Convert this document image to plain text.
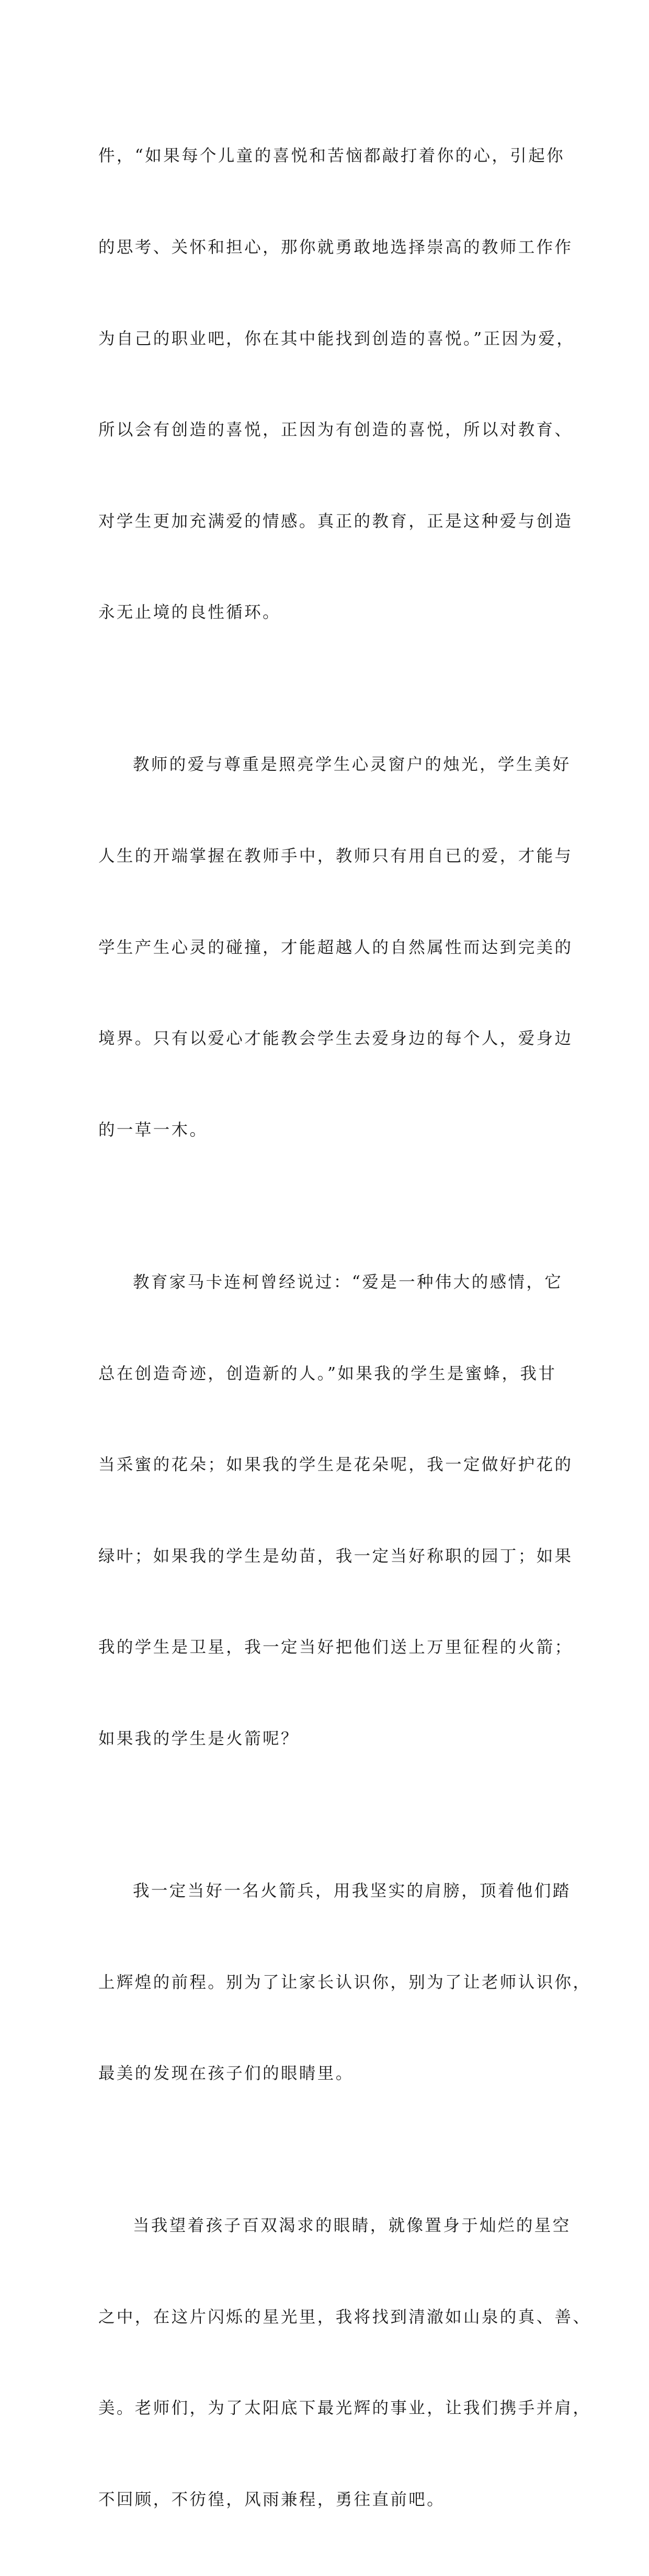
件，“如果每个儿童的喜悦和苦恼都敲打着你的心，引起你

的思考、关怀和担心，那你就勇敢地选择崇高的教师工作作

为自己的职业吧，你在其中能找到创造的喜悦。”正因为爱，

所以会有创造的喜悦，正因为有创造的喜悦，所以对教育、

对学生更加充满爱的情感。真正的教育，正是这种爱与创造

永无止境的良性循环。

教师的爱与尊重是照亮学生心灵窗户的烛光，学生美好

人生的开端掌握在教师手中，教师只有用自已的爱，才能与

学生产生心灵的碰撞，才能超越人的自然属性而达到完美的

境界。只有以爱心才能教会学生去爱身边的每个人，爱身边

的一草一木。

教育家马卡连柯曾经说过：“爱是一种伟大的感情，它

总在创造奇迹，创造新的人。”如果我的学生是蜜蜂，我甘

当采蜜的花朵；如果我的学生是花朵呢，我一定做好护花的

绿叶；如果我的学生是幼苗，我一定当好称职的园丁；如果

我的学生是卫星，我一定当好把他们送上万里征程的火箭；

如果我的学生是火箭呢？

我一定当好一名火箭兵，用我坚实的肩膀，顶着他们踏

上辉煌的前程。别为了让家长认识你，别为了让老师认识你，

最美的发现在孩子们的眼睛里。

当我望着孩子百双渴求的眼睛，就像置身于灿烂的星空

之中，在这片闪烁的星光里，我将找到清澈如山泉的真、善、

美。老师们，为了太阳底下最光辉的事业，让我们携手并肩，

不回顾，不彷徨，风雨兼程，勇往直前吧。
